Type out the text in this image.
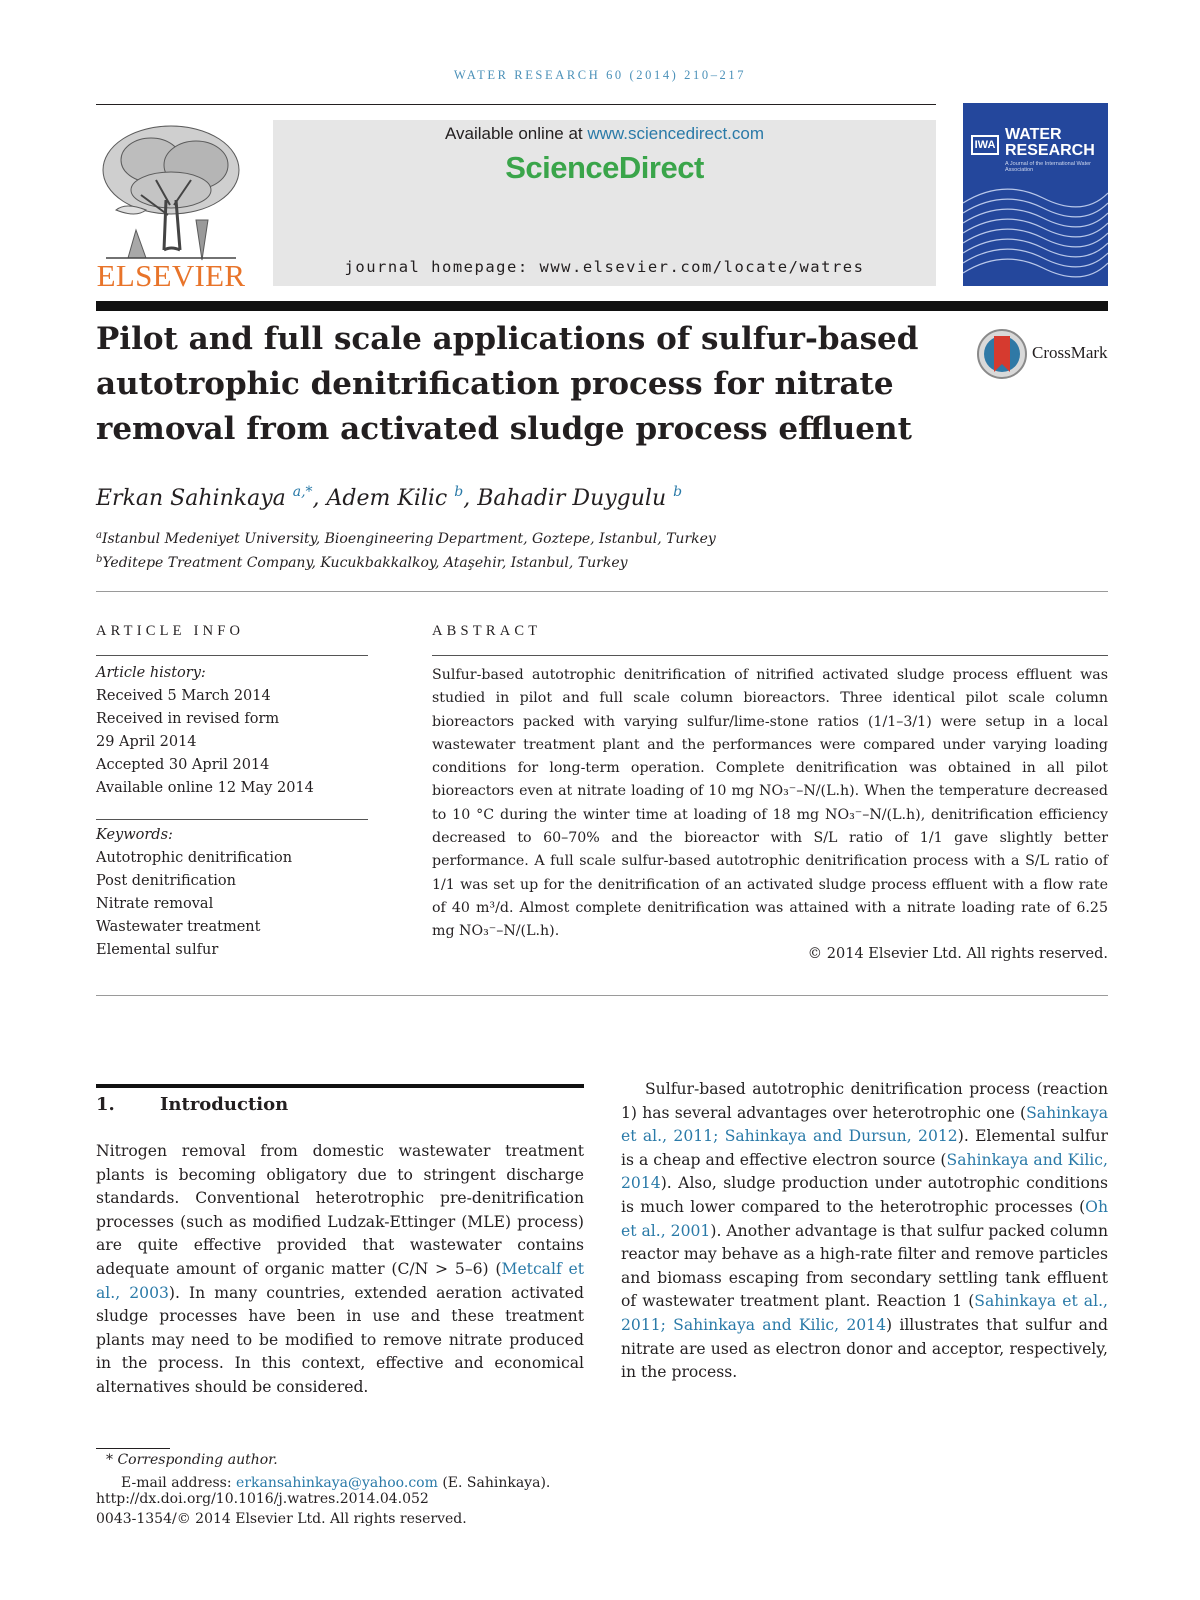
WATER RESEARCH 60 (2014) 210–217
ELSEVIER
Available online at www.sciencedirect.com
ScienceDirect
journal homepage: www.elsevier.com/locate/watres
IWA
WATER
RESEARCH
A Journal of the International Water Association
Pilot and full scale applications of sulfur-based
autotrophic denitrification process for nitrate
removal from activated sludge process effluent
CrossMark
Erkan Sahinkaya $^{a,*}$, Adem Kilic $^b$, Bahadir Duygulu $^b$
$^a$Istanbul Medeniyet University, Bioengineering Department, Goztepe, Istanbul, Turkey
$^b$Yeditepe Treatment Company, Kucukbakkalkoy, Ataşehir, Istanbul, Turkey
ARTICLE INFO
Article history:
Received 5 March 2014
Received in revised form
29 April 2014
Accepted 30 April 2014
Available online 12 May 2014
Keywords:
Autotrophic denitrification
Post denitrification
Nitrate removal
Wastewater treatment
Elemental sulfur
ABSTRACT
Sulfur-based autotrophic denitrification of nitrified activated sludge process effluent was studied in pilot and full scale column bioreactors. Three identical pilot scale column bioreactors packed with varying sulfur/lime-stone ratios (1/1–3/1) were setup in a local wastewater treatment plant and the performances were compared under varying loading conditions for long-term operation. Complete denitrification was obtained in all pilot bioreactors even at nitrate loading of 10 mg NO₃⁻–N/(L.h). When the temperature decreased to 10 °C during the winter time at loading of 18 mg NO₃⁻–N/(L.h), denitrification efficiency decreased to 60–70% and the bioreactor with S/L ratio of 1/1 gave slightly better performance. A full scale sulfur-based autotrophic denitrification process with a S/L ratio of 1/1 was set up for the denitrification of an activated sludge process effluent with a flow rate of 40 m³/d. Almost complete denitrification was attained with a nitrate loading rate of 6.25 mg NO₃⁻–N/(L.h).
© 2014 Elsevier Ltd. All rights reserved.
1.	Introduction
Nitrogen removal from domestic wastewater treatment plants is becoming obligatory due to stringent discharge standards. Conventional heterotrophic pre-denitrification processes (such as modified Ludzak-Ettinger (MLE) process) are quite effective provided that wastewater contains adequate amount of organic matter (C/N > 5–6) (Metcalf et al., 2003). In many countries, extended aeration activated sludge processes have been in use and these treatment plants may need to be modified to remove nitrate produced in the process. In this context, effective and economical alternatives should be considered.
Sulfur-based autotrophic denitrification process (reaction 1) has several advantages over heterotrophic one (Sahinkaya et al., 2011; Sahinkaya and Dursun, 2012). Elemental sulfur is a cheap and effective electron source (Sahinkaya and Kilic, 2014). Also, sludge production under autotrophic conditions is much lower compared to the heterotrophic processes (Oh et al., 2001). Another advantage is that sulfur packed column reactor may behave as a high-rate filter and remove particles and biomass escaping from secondary settling tank effluent of wastewater treatment plant. Reaction 1 (Sahinkaya et al., 2011; Sahinkaya and Kilic, 2014) illustrates that sulfur and nitrate are used as electron donor and acceptor, respectively, in the process.
* Corresponding author.
E-mail address: erkansahinkaya@yahoo.com (E. Sahinkaya).
http://dx.doi.org/10.1016/j.watres.2014.04.052
0043-1354/© 2014 Elsevier Ltd. All rights reserved.
